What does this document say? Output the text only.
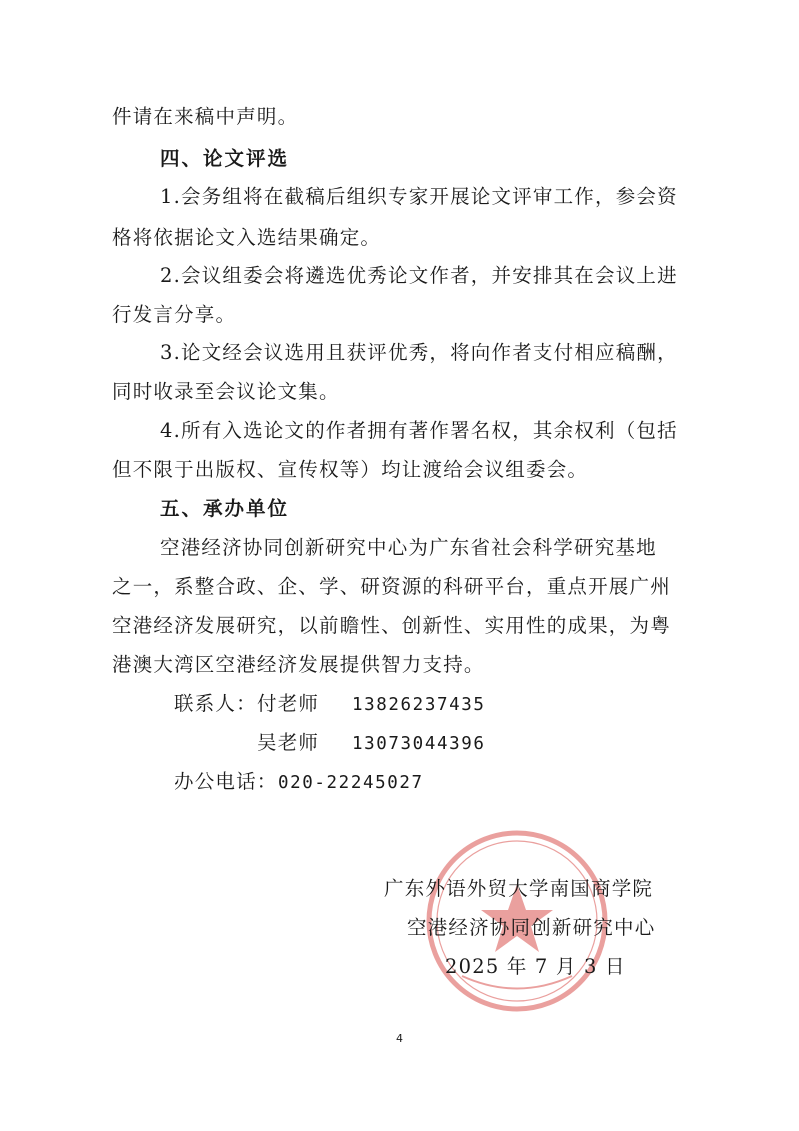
件请在来稿中声明。
四、论文评选
1.会务组将在截稿后组织专家开展论文评审工作，参会资
格将依据论文入选结果确定。
2.会议组委会将遴选优秀论文作者，并安排其在会议上进
行发言分享。
3.论文经会议选用且获评优秀，将向作者支付相应稿酬，
同时收录至会议论文集。
4.所有入选论文的作者拥有著作署名权，其余权利（包括
但不限于出版权、宣传权等）均让渡给会议组委会。
五、承办单位
空港经济协同创新研究中心为广东省社会科学研究基地
之一，系整合政、企、学、研资源的科研平台，重点开展广州
空港经济发展研究，以前瞻性、创新性、实用性的成果，为粤
港澳大湾区空港经济发展提供智力支持。
联系人： 付老师 13826237435
吴老师 13073044396
办公电话： 020-22245027
广东外语外贸大学南国商学院
空港经济协同创新研究中心
2025 年 7 月 3 日
4
